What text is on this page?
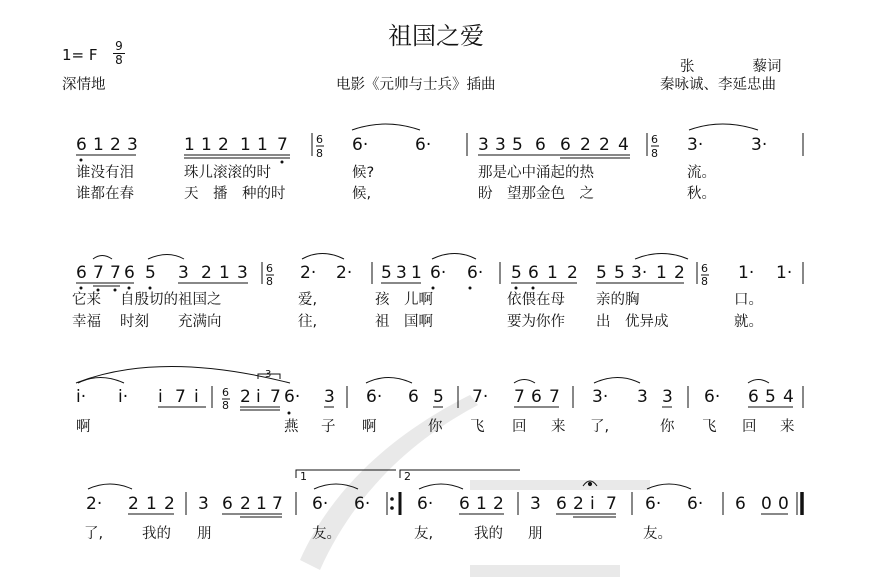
祖国之爱
1= F 9
8
深情地	电影《元帅与士兵》插曲
张　　　　藜词
秦咏诚、李延忠曲
3
6
8
6
8
6
8
6
8
6
8
6 1 2 3	1 1 2 1 1 7	6·	6·	3 3 5 6 6 2 2 4	3·	3·
谁没有泪	珠儿滚滚的时	候?	那是心中涌起的热	流。
谁都在春	天　播　种的时	候,	盼　望那金色　之	秋。
6 7 7 6 5 3 2 1 3	2· 2· 5 3 1 6· 6· 5 6 1 2 5 5 3· 1 2	1· 1·
它来 自殷切的祖国之	爱,	孩　儿啊	依偎在母 亲的胸	口。
幸福 时刻　　充满向	往,	祖　国啊	要为你作 出　优异成	就。
i· i· i 7 i 2 i 7 6· 3 6· 6 5 7· 7 6 7 3· 3 3 6· 6 5 4
啊	燕 子 啊	你 飞 回 来 了,	你 飞 回 来
2· 2 1 2 3 6 2 1 7 6· 6·	6· 6 1 2 3 6 2 i 7 6· 6· 6 0 0
了,	我的 朋	友。	友,	我的 朋	友。
1	2
